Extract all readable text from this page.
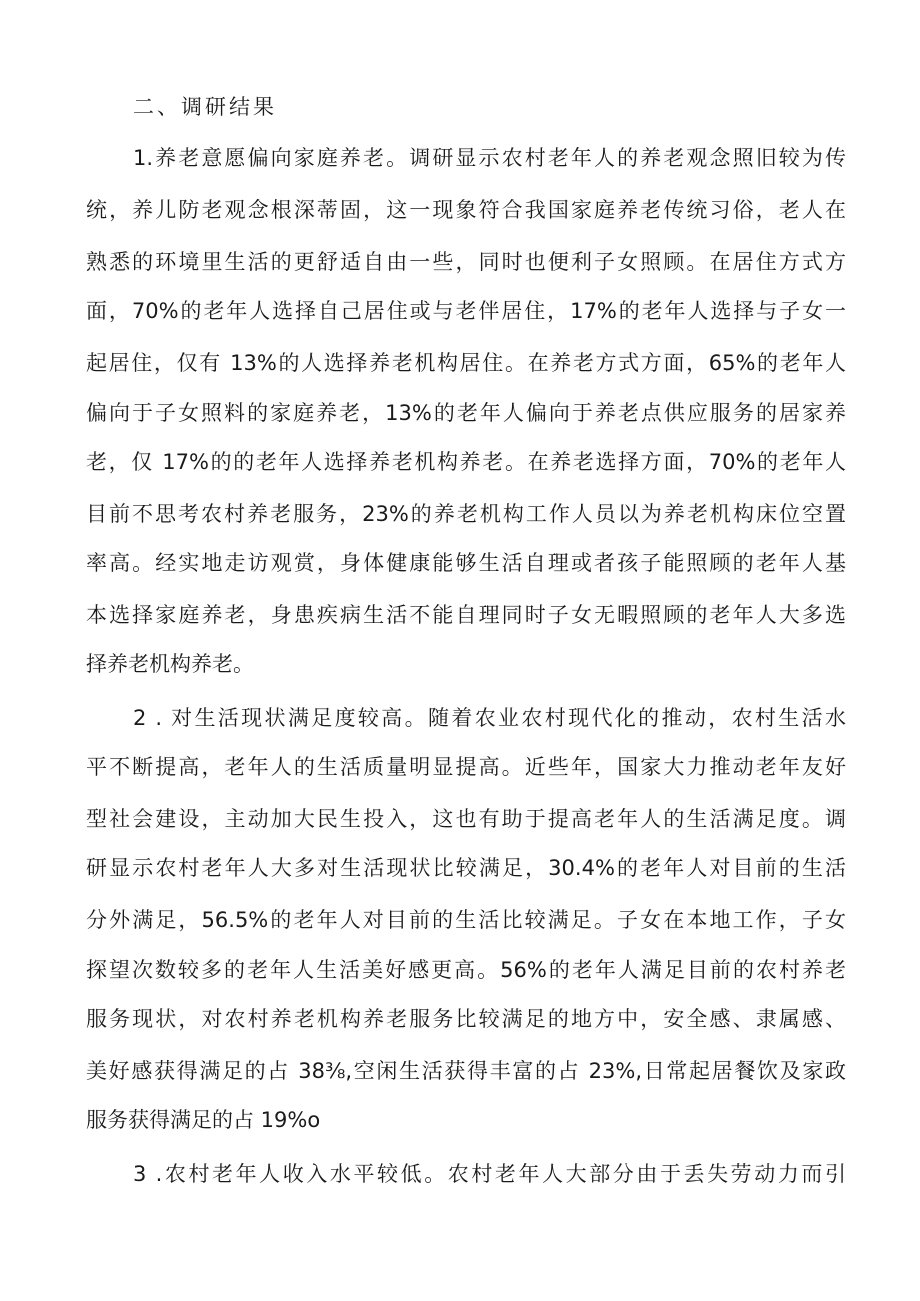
二、调研结果
1.养老意愿偏向家庭养老。调研显示农村老年人的养老观念照旧较为传
统，养儿防老观念根深蒂固，这一现象符合我国家庭养老传统习俗，老人在
熟悉的环境里生活的更舒适自由一些，同时也便利子女照顾。在居住方式方
面，70%的老年人选择自己居住或与老伴居住，17%的老年人选择与子女一
起居住，仅有 13%的人选择养老机构居住。在养老方式方面，65%的老年人
偏向于子女照料的家庭养老，13%的老年人偏向于养老点供应服务的居家养
老，仅 17%的的老年人选择养老机构养老。在养老选择方面，70%的老年人
目前不思考农村养老服务，23%的养老机构工作人员以为养老机构床位空置
率高。经实地走访观赏，身体健康能够生活自理或者孩子能照顾的老年人基
本选择家庭养老，身患疾病生活不能自理同时子女无暇照顾的老年人大多选
择养老机构养老。
2 . 对生活现状满足度较高。随着农业农村现代化的推动，农村生活水
平不断提高，老年人的生活质量明显提高。近些年，国家大力推动老年友好
型社会建设，主动加大民生投入，这也有助于提高老年人的生活满足度。调
研显示农村老年人大多对生活现状比较满足，30.4%的老年人对目前的生活
分外满足，56.5%的老年人对目前的生活比较满足。子女在本地工作，子女
探望次数较多的老年人生活美好感更高。56%的老年人满足目前的农村养老
服务现状，对农村养老机构养老服务比较满足的地方中，安全感、隶属感、
美好感获得满足的占 38⅜,空闲生活获得丰富的占 23%,日常起居餐饮及家政
服务获得满足的占 19%o
3 .农村老年人收入水平较低。农村老年人大部分由于丢失劳动力而引
